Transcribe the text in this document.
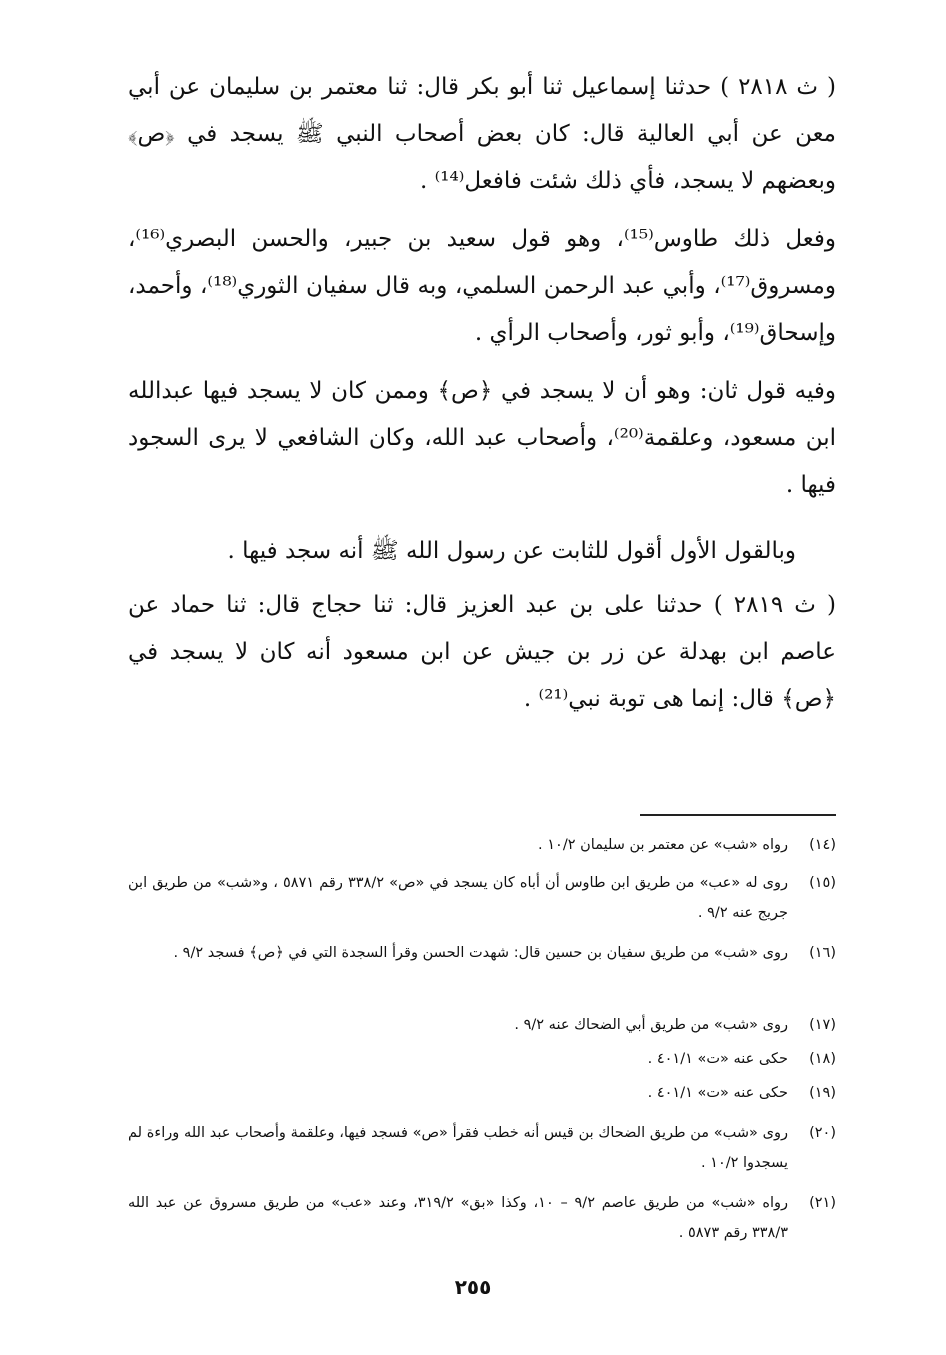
( ث ٢٨١٨ ) حدثنا إسماعيل ثنا أبو بكر قال: ثنا معتمر بن سليمان عن أبي معن عن أبي العالية قال: كان بعض أصحاب النبي ﷺ يسجد في ﴿ص﴾ وبعضهم لا يسجد، فأي ذلك شئت فافعل⁽¹⁴⁾ .

وفعل ذلك طاوس⁽¹⁵⁾، وهو قول سعيد بن جبير، والحسن البصري⁽¹⁶⁾، ومسروق⁽¹⁷⁾، وأبي عبد الرحمن السلمي، وبه قال سفيان الثوري⁽¹⁸⁾، وأحمد، وإسحاق⁽¹⁹⁾، وأبو ثور، وأصحاب الرأي .

وفيه قول ثان: وهو أن لا يسجد في ﴿ص﴾ وممن كان لا يسجد فيها عبدالله ابن مسعود، وعلقمة⁽²⁰⁾، وأصحاب عبد الله، وكان الشافعي لا يرى السجود فيها .

وبالقول الأول أقول للثابت عن رسول الله ﷺ أنه سجد فيها .

( ث ٢٨١٩ ) حدثنا على بن عبد العزيز قال: ثنا حجاج قال: ثنا حماد عن عاصم ابن بهدلة عن زر بن جيش عن ابن مسعود أنه كان لا يسجد في ﴿ص﴾ قال: إنما هى توبة نبي⁽²¹⁾ .

(١٤)
رواه «شب» عن معتمر بن سليمان ١٠/٢ .
(١٥)
روى له «عب» من طريق ابن طاوس أن أباه كان يسجد في «ص» ٣٣٨/٢ رقم ٥٨٧١ ، و«شب» من طريق ابن جريج عنه ٩/٢ .
(١٦)
روى «شب» من طريق سفيان بن حسين قال: شهدت الحسن وقرأ السجدة التي في ﴿ص﴾ فسجد ٩/٢ .
(١٧)
روى «شب» من طريق أبي الضحاك عنه ٩/٢ .
(١٨)
حكى عنه «ت» ٤٠١/١ .
(١٩)
حكى عنه «ت» ٤٠١/١ .
(٢٠)
روى «شب» من طريق الضحاك بن قيس أنه خطب فقرأ «ص» فسجد فيها، وعلقمة وأصحاب عبد الله وراءة لم يسجدوا ١٠/٢ .
(٢١)
رواه «شب» من طريق عاصم ٩/٢ – ١٠، وكذا «بق» ٣١٩/٢، وعند «عب» من طريق مسروق عن عبد الله ٣٣٨/٣ رقم ٥٨٧٣ .
٢٥٥
